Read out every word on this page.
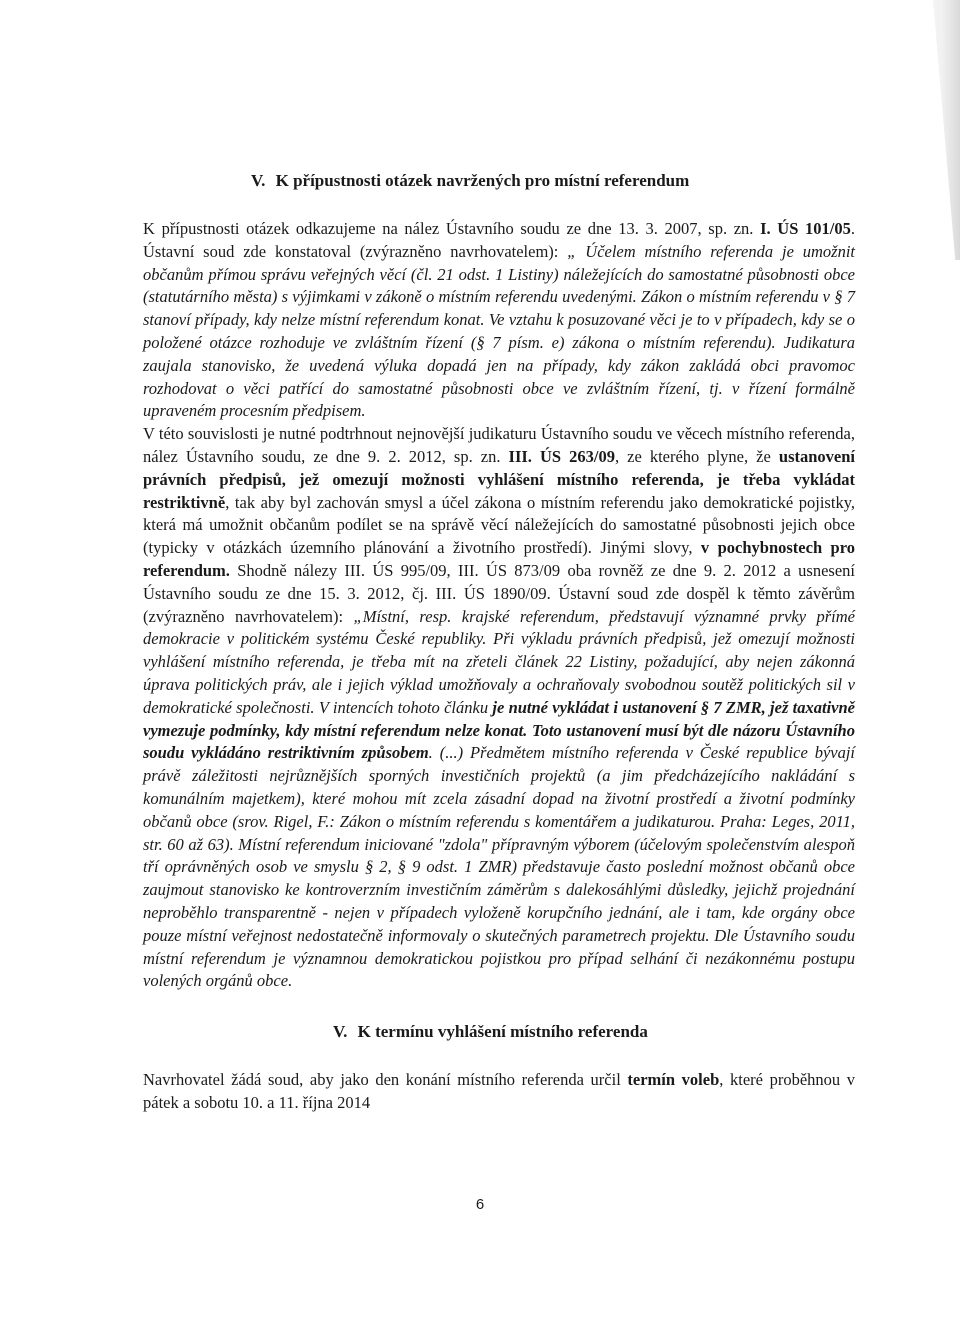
V. K přípustnosti otázek navržených pro místní referendum

K přípustnosti otázek odkazujeme na nález Ústavního soudu ze dne 13. 3. 2007, sp. zn. I. ÚS 101/05. Ústavní soud zde konstatoval (zvýrazněno navrhovatelem): „ Účelem místního referenda je umožnit občanům přímou správu veřejných věcí (čl. 21 odst. 1 Listiny) náležejících do samostatné působnosti obce (statutárního města) s výjimkami v zákoně o místním referendu uvedenými. Zákon o místním referendu v § 7 stanoví případy, kdy nelze místní referendum konat. Ve vztahu k posuzované věci je to v případech, kdy se o položené otázce rozhoduje ve zvláštním řízení (§ 7 písm. e) zákona o místním referendu). Judikatura zaujala stanovisko, že uvedená výluka dopadá jen na případy, kdy zákon zakládá obci pravomoc rozhodovat o věci patřící do samostatné působnosti obce ve zvláštním řízení, tj. v řízení formálně upraveném procesním předpisem.

V této souvislosti je nutné podtrhnout nejnovější judikaturu Ústavního soudu ve věcech místního referenda, nález Ústavního soudu, ze dne 9. 2. 2012, sp. zn. III. ÚS 263/09, ze kterého plyne, že ustanovení právních předpisů, jež omezují možnosti vyhlášení místního referenda, je třeba vykládat restriktivně, tak aby byl zachován smysl a účel zákona o místním referendu jako demokratické pojistky, která má umožnit občanům podílet se na správě věcí náležejících do samostatné působnosti jejich obce (typicky v otázkách územního plánování a životního prostředí). Jinými slovy, v pochybnostech pro referendum. Shodně nálezy III. ÚS 995/09, III. ÚS 873/09 oba rovněž ze dne 9. 2. 2012 a usnesení Ústavního soudu ze dne 15. 3. 2012, čj. III. ÚS 1890/09. Ústavní soud zde dospěl k těmto závěrům (zvýrazněno navrhovatelem): „Místní, resp. krajské referendum, představují významné prvky přímé demokracie v politickém systému České republiky. Při výkladu právních předpisů, jež omezují možnosti vyhlášení místního referenda, je třeba mít na zřeteli článek 22 Listiny, požadující, aby nejen zákonná úprava politických práv, ale i jejich výklad umožňovaly a ochraňovaly svobodnou soutěž politických sil v demokratické společnosti. V intencích tohoto článku je nutné vykládat i ustanovení § 7 ZMR, jež taxativně vymezuje podmínky, kdy místní referendum nelze konat. Toto ustanovení musí být dle názoru Ústavního soudu vykládáno restriktivním způsobem. (...) Předmětem místního referenda v České republice bývají právě záležitosti nejrůznějších sporných investičních projektů (a jim předcházejícího nakládání s komunálním majetkem), které mohou mít zcela zásadní dopad na životní prostředí a životní podmínky občanů obce (srov. Rigel, F.: Zákon o místním referendu s komentářem a judikaturou. Praha: Leges, 2011, str. 60 až 63). Místní referendum iniciované "zdola" přípravným výborem (účelovým společenstvím alespoň tří oprávněných osob ve smyslu § 2, § 9 odst. 1 ZMR) představuje často poslední možnost občanů obce zaujmout stanovisko ke kontroverzním investičním záměrům s dalekosáhlými důsledky, jejichž projednání neproběhlo transparentně - nejen v případech vyloženě korupčního jednání, ale i tam, kde orgány obce pouze místní veřejnost nedostatečně informovaly o skutečných parametrech projektu. Dle Ústavního soudu místní referendum je významnou demokratickou pojistkou pro případ selhání či nezákonnému postupu volených orgánů obce.

V. K termínu vyhlášení místního referenda

Navrhovatel žádá soud, aby jako den konání místního referenda určil termín voleb, které proběhnou v pátek a sobotu 10. a 11. října 2014

6
